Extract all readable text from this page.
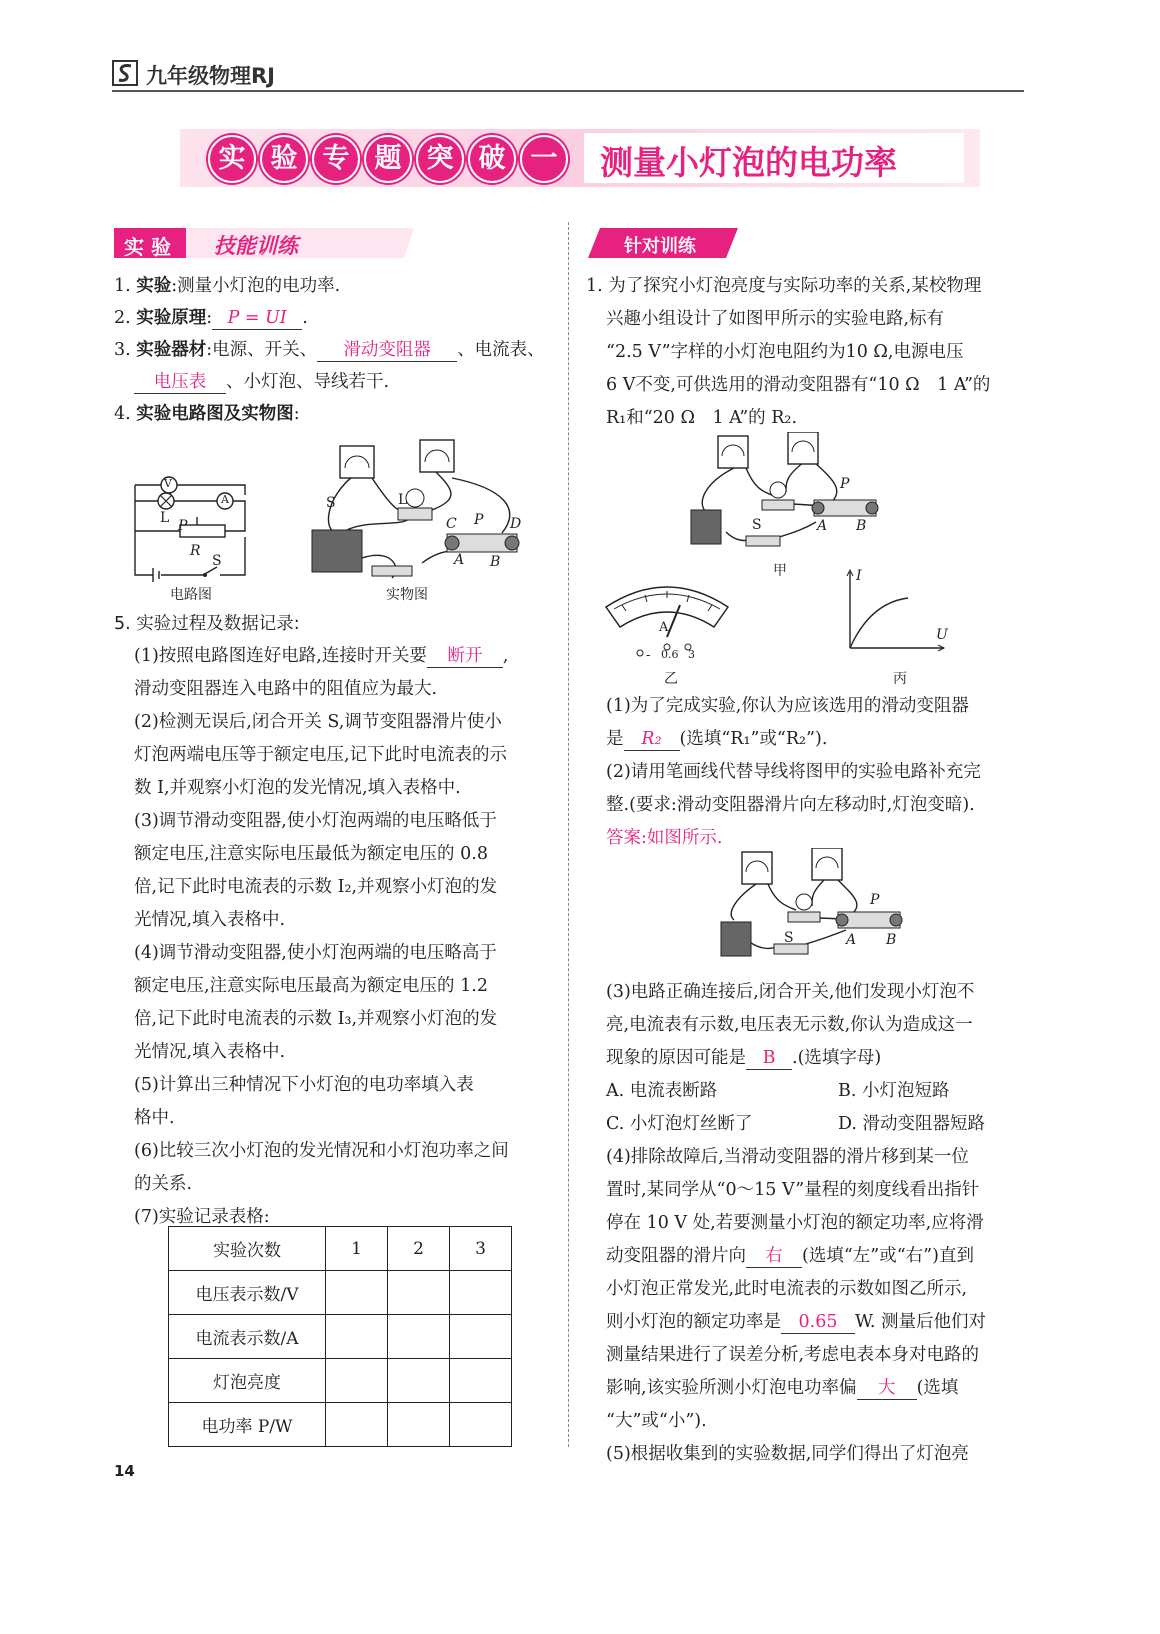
九年级物理RJ
实 验 专 题 突 破 一	测量小灯泡的电功率
实 验 技能训练
1. 实验:测量小灯泡的电功率.
2. 实验原理: P = UI .
3. 实验器材:电源、开关、 滑动变阻器 、电流表、
电压表 、小灯泡、导线若干.
4. 实验电路图及实物图:
V
A
L P
R
S
电路图
S	L
C P D
A B
实物图
5. 实验过程及数据记录:
(1)按照电路图连好电路,连接时开关要 断开 ,
滑动变阻器连入电路中的阻值应为最大.
(2)检测无误后,闭合开关 S,调节变阻器滑片使小
灯泡两端电压等于额定电压,记下此时电流表的示
数 I,并观察小灯泡的发光情况,填入表格中.
(3)调节滑动变阻器,使小灯泡两端的电压略低于
额定电压,注意实际电压最低为额定电压的 0.8
倍,记下此时电流表的示数 I₂,并观察小灯泡的发
光情况,填入表格中.
(4)调节滑动变阻器,使小灯泡两端的电压略高于
额定电压,注意实际电压最高为额定电压的 1.2
倍,记下此时电流表的示数 I₃,并观察小灯泡的发
光情况,填入表格中.
(5)计算出三种情况下小灯泡的电功率填入表
格中.
(6)比较三次小灯泡的发光情况和小灯泡功率之间
的关系.
(7)实验记录表格:
实验次数	1	2	3
电压表示数/V			
电流表示数/A			
灯泡亮度			
电功率 P/W			
针对训练
1. 为了探究小灯泡亮度与实际功率的关系,某校物理
兴趣小组设计了如图甲所示的实验电路,标有
“2.5 V”字样的小灯泡电阻约为10 Ω,电源电压
6 V不变,可供选用的滑动变阻器有“10 Ω　1 A”的
R₁和“20 Ω　1 A”的 R₂.
P
S	A B
甲
A
- 0.6 3
乙
I
U
丙
(1)为了完成实验,你认为应该选用的滑动变阻器
是 R₂ (选填“R₁”或“R₂”).
(2)请用笔画线代替导线将图甲的实验电路补充完
整.(要求:滑动变阻器滑片向左移动时,灯泡变暗).
答案:如图所示.
P
S	A B
(3)电路正确连接后,闭合开关,他们发现小灯泡不
亮,电流表有示数,电压表无示数,你认为造成这一
现象的原因可能是 B .(选填字母)
A. 电流表断路	B. 小灯泡短路
C. 小灯泡灯丝断了	D. 滑动变阻器短路
(4)排除故障后,当滑动变阻器的滑片移到某一位
置时,某同学从“0～15 V”量程的刻度线看出指针
停在 10 V 处,若要测量小灯泡的额定功率,应将滑
动变阻器的滑片向 右 (选填“左”或“右”)直到
小灯泡正常发光,此时电流表的示数如图乙所示,
则小灯泡的额定功率是 0.65 W. 测量后他们对
测量结果进行了误差分析,考虑电表本身对电路的
影响,该实验所测小灯泡电功率偏 大 (选填
“大”或“小”).
(5)根据收集到的实验数据,同学们得出了灯泡亮
14
